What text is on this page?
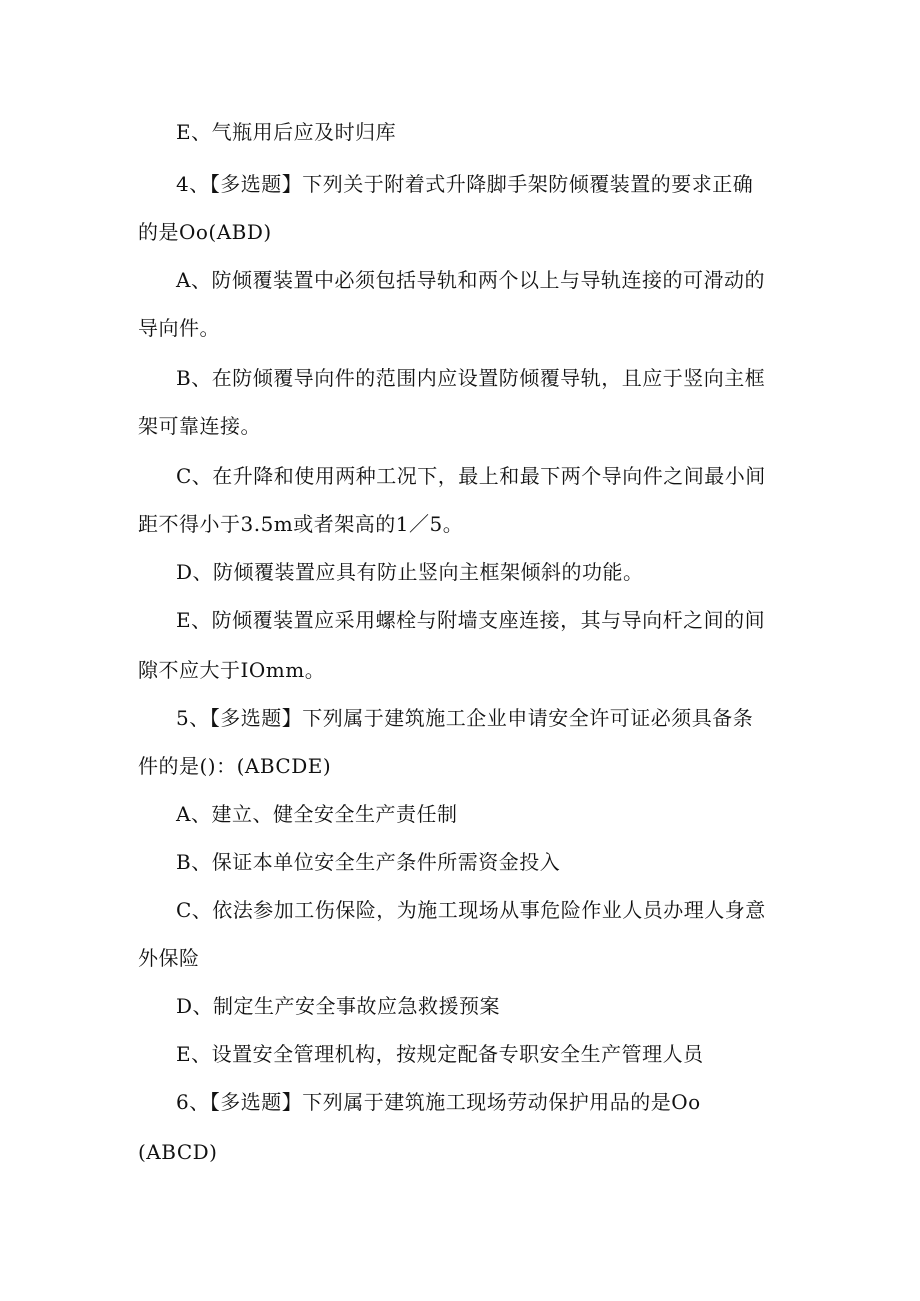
E、气瓶用后应及时归库
4、【多选题】下列关于附着式升降脚手架防倾覆装置的要求正确
的是Oo(ABD)
A、防倾覆装置中必须包括导轨和两个以上与导轨连接的可滑动的
导向件。
B、在防倾覆导向件的范围内应设置防倾覆导轨，且应于竖向主框
架可靠连接。
C、在升降和使用两种工况下，最上和最下两个导向件之间最小间
距不得小于3.5m或者架高的1／5。
D、防倾覆装置应具有防止竖向主框架倾斜的功能。
E、防倾覆装置应采用螺栓与附墙支座连接，其与导向杆之间的间
隙不应大于IOmm。
5、【多选题】下列属于建筑施工企业申请安全许可证必须具备条
件的是()：(ABCDE)
A、建立、健全安全生产责任制
B、保证本单位安全生产条件所需资金投入
C、依法参加工伤保险，为施工现场从事危险作业人员办理人身意
外保险
D、制定生产安全事故应急救援预案
E、设置安全管理机构，按规定配备专职安全生产管理人员
6、【多选题】下列属于建筑施工现场劳动保护用品的是Oo
(ABCD)
